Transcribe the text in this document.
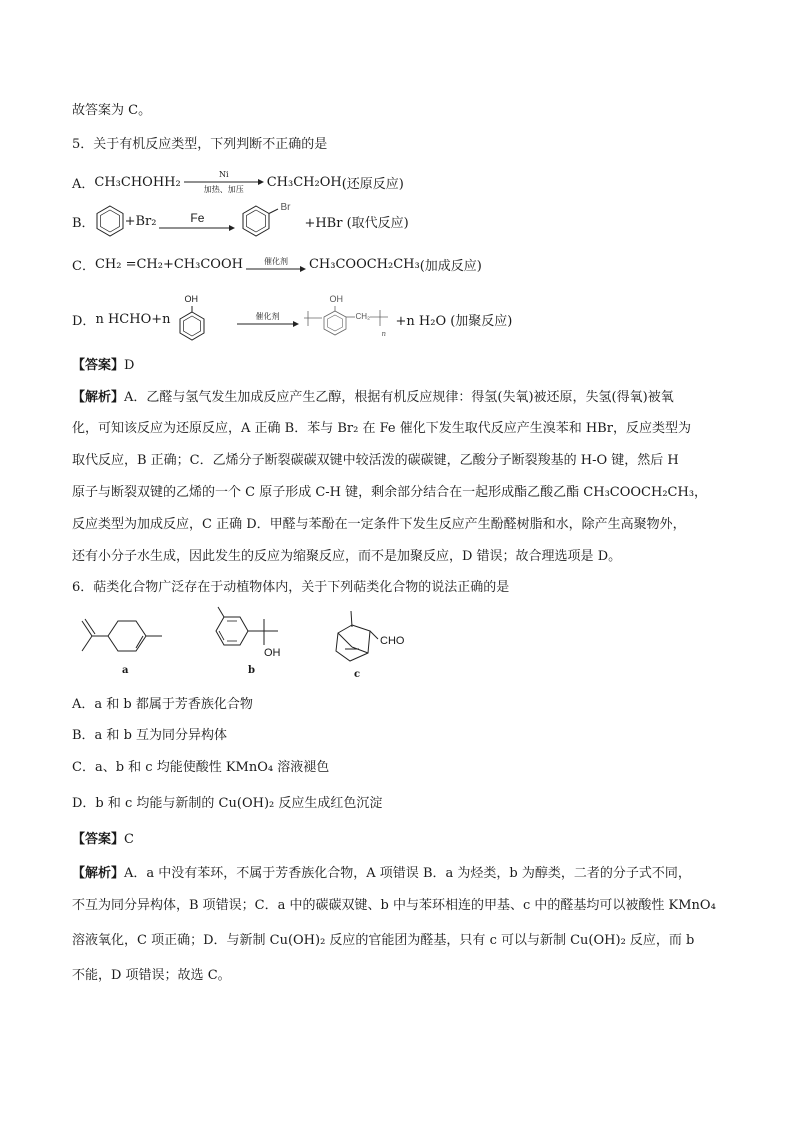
故答案为 C。
5．关于有机反应类型，下列判断不正确的是
A． CH₃CHOHH₂	Ni
加热、加压 CH₃CH₂OH (还原反应)
B． +Br₂	Fe
Br
+HBr (取代反应)
C． CH₂ =CH₂+CH₃COOH	催化剂 CH₃COOCH₂CH₃ (加成反应)
D． n HCHO+n
OH
催化剂
OH
CH₂
n
+n H₂O (加聚反应)
【答案】D
【解析】A．乙醛与氢气发生加成反应产生乙醇，根据有机反应规律：得氢(失氧)被还原，失氢(得氧)被氧
化，可知该反应为还原反应，A 正确 B．苯与 Br₂ 在 Fe 催化下发生取代反应产生溴苯和 HBr，反应类型为
取代反应，B 正确；C．乙烯分子断裂碳碳双键中较活泼的碳碳键，乙酸分子断裂羧基的 H-O 键，然后 H
原子与断裂双键的乙烯的一个 C 原子形成 C-H 键，剩余部分结合在一起形成酯乙酸乙酯 CH₃COOCH₂CH₃，
反应类型为加成反应，C 正确 D．甲醛与苯酚在一定条件下发生反应产生酚醛树脂和水，除产生高聚物外，
还有小分子水生成，因此发生的反应为缩聚反应，而不是加聚反应，D 错误；故合理选项是 D。
6．萜类化合物广泛存在于动植物体内，关于下列萜类化合物的说法正确的是
a	b
OH
c
CHO
A．a 和 b 都属于芳香族化合物
B．a 和 b 互为同分异构体
C．a、b 和 c 均能使酸性 KMnO₄ 溶液褪色
D．b 和 c 均能与新制的 Cu(OH)₂ 反应生成红色沉淀
【答案】C
【解析】A．a 中没有苯环，不属于芳香族化合物，A 项错误 B．a 为烃类，b 为醇类，二者的分子式不同，
不互为同分异构体，B 项错误；C．a 中的碳碳双键、b 中与苯环相连的甲基、c 中的醛基均可以被酸性 KMnO₄
溶液氧化，C 项正确；D．与新制 Cu(OH)₂ 反应的官能团为醛基，只有 c 可以与新制 Cu(OH)₂ 反应，而 b
不能，D 项错误；故选 C。
